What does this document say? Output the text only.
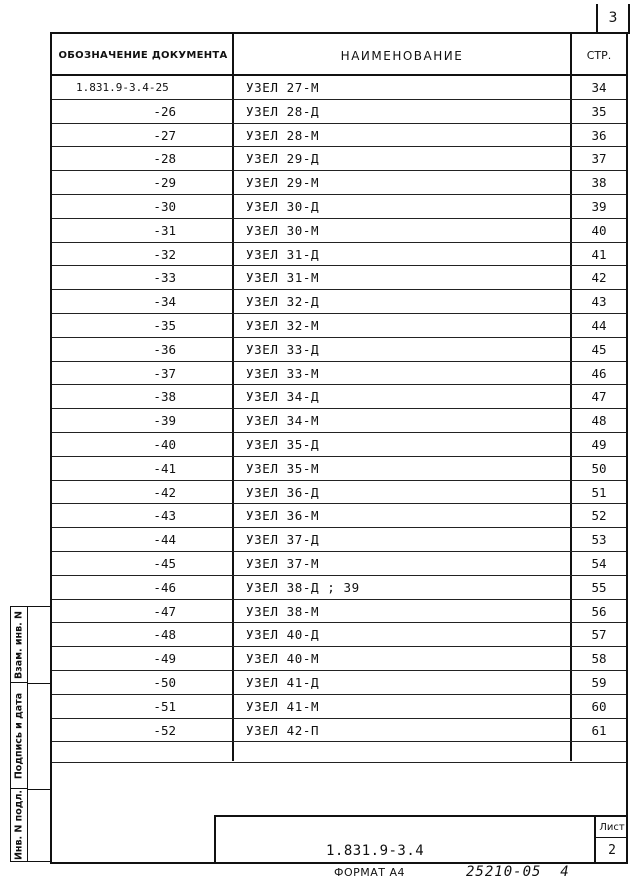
3
ОБОЗНАЧЕНИЕ ДОКУМЕНТА	НАИМЕНОВАНИЕ	СТР.
1.831.9-3.4-25	УЗЕЛ 27-М	34
-26	УЗЕЛ 28-Д	35
-27	УЗЕЛ 28-М	36
-28	УЗЕЛ 29-Д	37
-29	УЗЕЛ 29-М	38
-30	УЗЕЛ 30-Д	39
-31	УЗЕЛ 30-М	40
-32	УЗЕЛ 31-Д	41
-33	УЗЕЛ 31-М	42
-34	УЗЕЛ 32-Д	43
-35	УЗЕЛ 32-М	44
-36	УЗЕЛ 33-Д	45
-37	УЗЕЛ 33-М	46
-38	УЗЕЛ 34-Д	47
-39	УЗЕЛ 34-М	48
-40	УЗЕЛ 35-Д	49
-41	УЗЕЛ 35-М	50
-42	УЗЕЛ 36-Д	51
-43	УЗЕЛ 36-М	52
-44	УЗЕЛ 37-Д	53
-45	УЗЕЛ 37-М	54
-46	УЗЕЛ 38-Д ; 39	55
-47	УЗЕЛ 38-М	56
-48	УЗЕЛ 40-Д	57
-49	УЗЕЛ 40-М	58
-50	УЗЕЛ 41-Д	59
-51	УЗЕЛ 41-М	60
-52	УЗЕЛ 42-П	61
1.831.9-3.4
Лист
2
ФОРМАТ А4	25210-05  4
Взам. инв. N
Подпись и дата
Инв. N подл.
